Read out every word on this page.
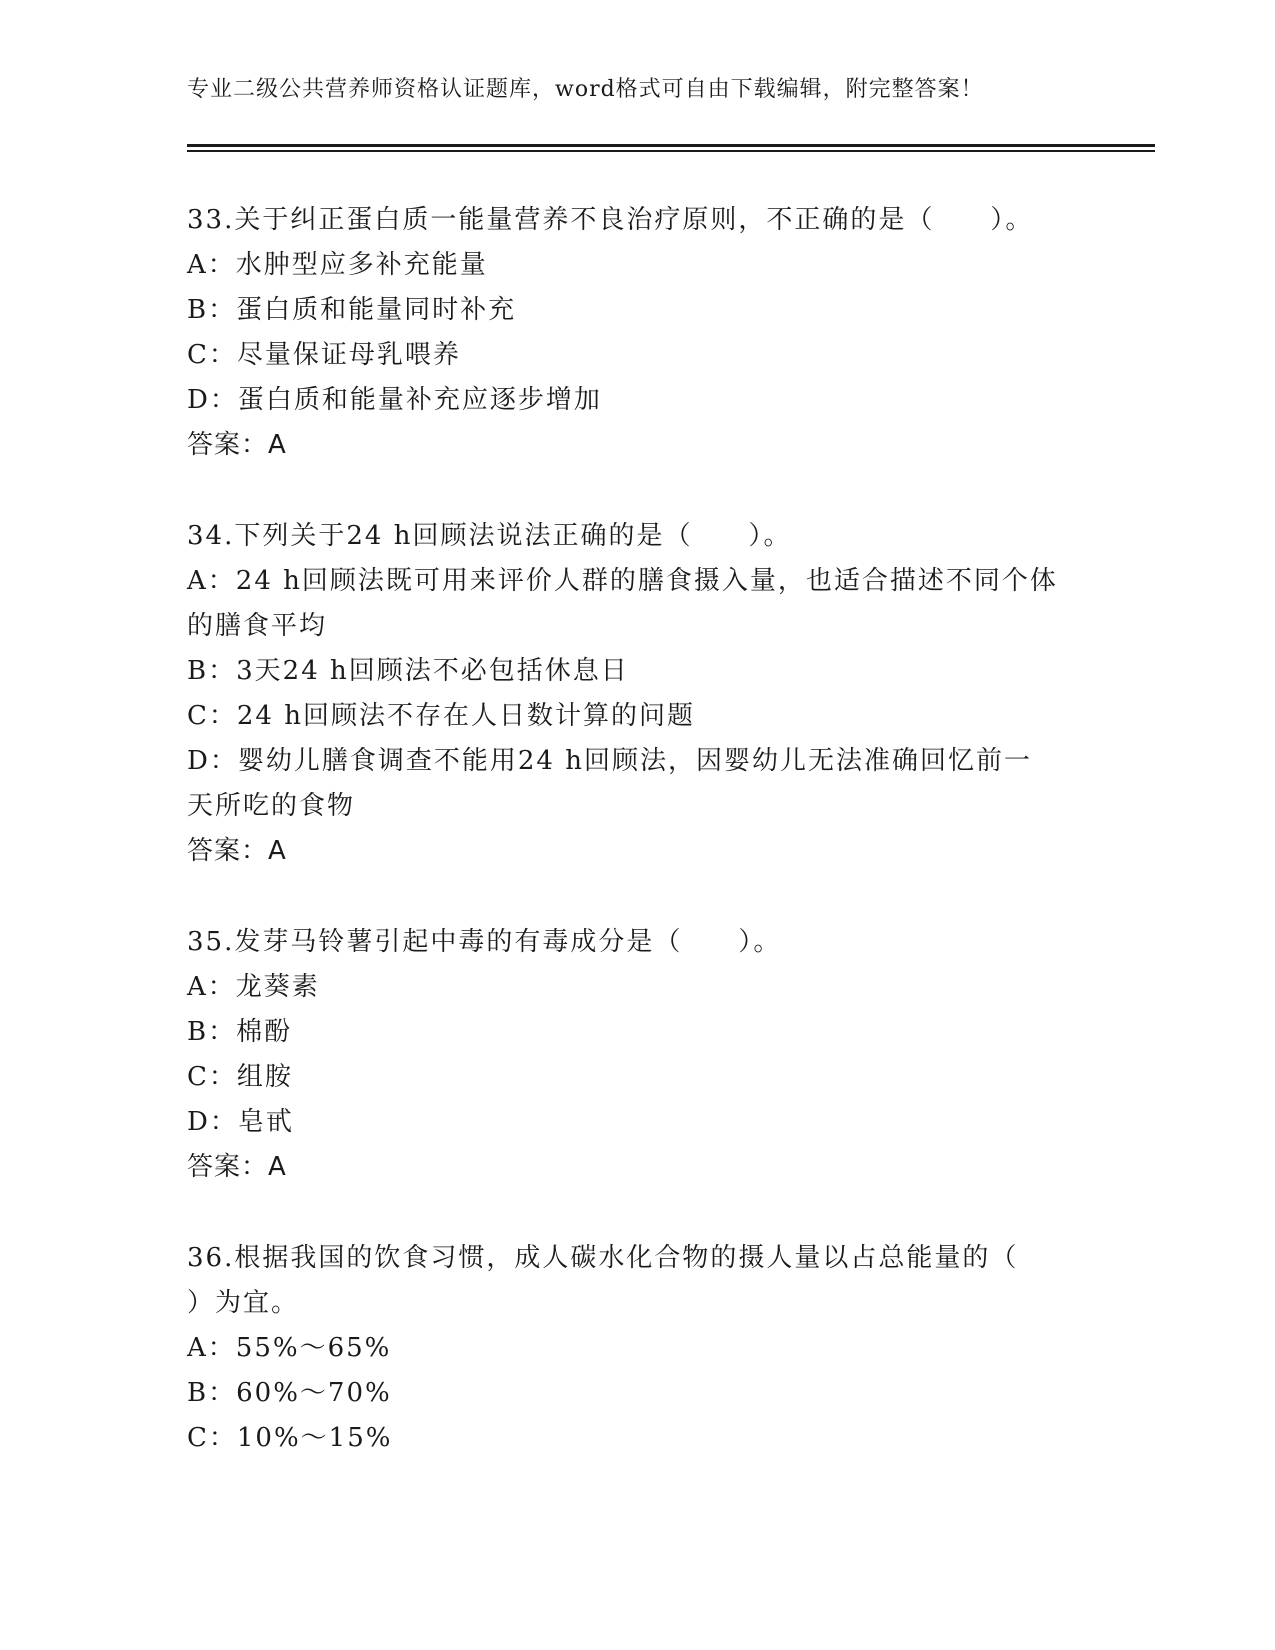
专业二级公共营养师资格认证题库，word格式可自由下载编辑，附完整答案！

33.关于纠正蛋白质一能量营养不良治疗原则，不正确的是（　　）。

A：水肿型应多补充能量

B：蛋白质和能量同时补充

C：尽量保证母乳喂养

D：蛋白质和能量补充应逐步增加

答案：A

34.下列关于24 h回顾法说法正确的是（　　）。

A：24 h回顾法既可用来评价人群的膳食摄入量，也适合描述不同个体

的膳食平均

B：3天24 h回顾法不必包括休息日

C：24 h回顾法不存在人日数计算的问题

D：婴幼儿膳食调查不能用24 h回顾法，因婴幼儿无法准确回忆前一

天所吃的食物

答案：A

35.发芽马铃薯引起中毒的有毒成分是（　　）。

A：龙葵素

B：棉酚

C：组胺

D：皂甙

答案：A

36.根据我国的饮食习惯，成人碳水化合物的摄人量以占总能量的（

）为宜。

A：55%～65%

B：60%～70%

C：10%～15%
